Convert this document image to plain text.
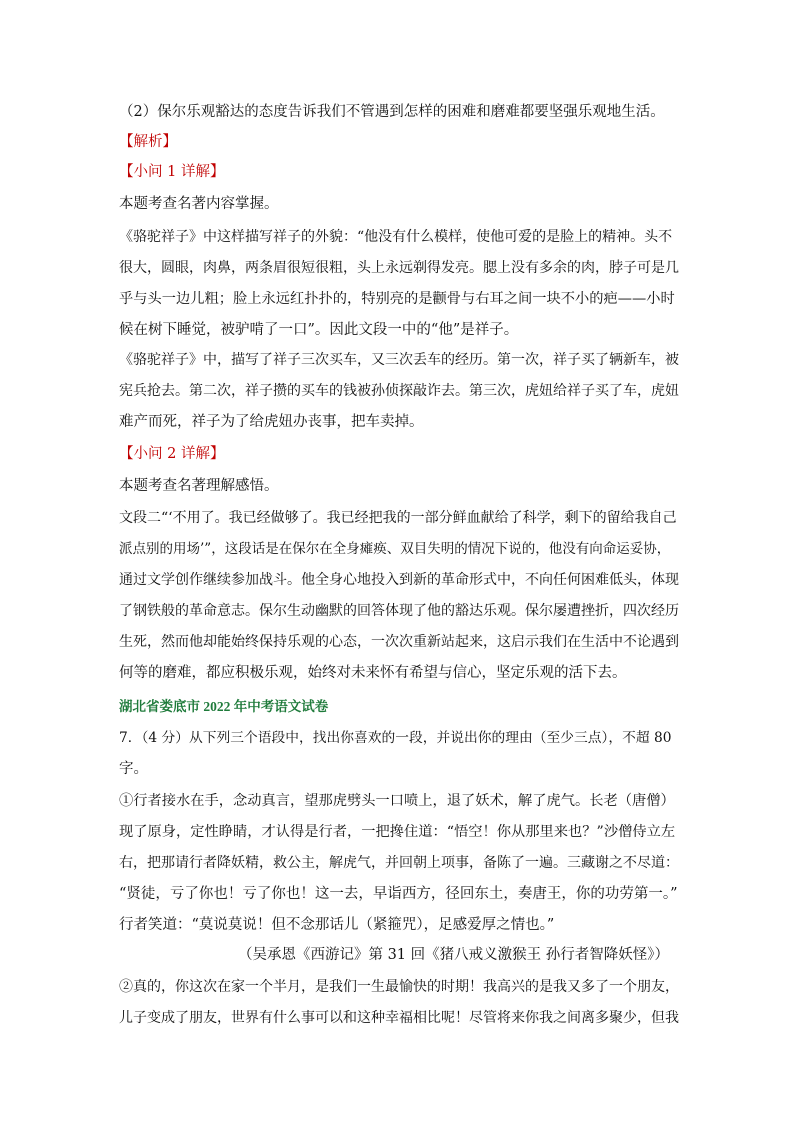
（2）保尔乐观豁达的态度告诉我们不管遇到怎样的困难和磨难都要坚强乐观地生活。
【解析】
【小问 1 详解】
本题考查名著内容掌握。
《骆驼祥子》中这样描写祥子的外貌：“他没有什么模样，使他可爱的是脸上的精神。头不
很大，圆眼，肉鼻，两条眉很短很粗，头上永远剃得发亮。腮上没有多余的肉，脖子可是几
乎与头一边儿粗；脸上永远红扑扑的，特别亮的是颧骨与右耳之间一块不小的疤——小时
候在树下睡觉，被驴啃了一口”。因此文段一中的“他”是祥子。
《骆驼祥子》中，描写了祥子三次买车，又三次丢车的经历。第一次，祥子买了辆新车，被
宪兵抢去。第二次，祥子攒的买车的钱被孙侦探敲诈去。第三次，虎妞给祥子买了车，虎妞
难产而死，祥子为了给虎妞办丧事，把车卖掉。
【小问 2 详解】
本题考查名著理解感悟。
文段二“‘不用了。我已经做够了。我已经把我的一部分鲜血献给了科学，剩下的留给我自己
派点别的用场’”，这段话是在保尔在全身瘫痪、双目失明的情况下说的，他没有向命运妥协，
通过文学创作继续参加战斗。他全身心地投入到新的革命形式中，不向任何困难低头，体现
了钢铁般的革命意志。保尔生动幽默的回答体现了他的豁达乐观。保尔屡遭挫折，四次经历
生死，然而他却能始终保持乐观的心态，一次次重新站起来，这启示我们在生活中不论遇到
何等的磨难，都应积极乐观，始终对未来怀有希望与信心，坚定乐观的活下去。
湖北省娄底市 2022 年中考语文试卷
7．（4 分）从下列三个语段中，找出你喜欢的一段，并说出你的理由（至少三点），不超 80
字。
①行者接水在手，念动真言，望那虎劈头一口喷上，退了妖术，解了虎气。长老（唐僧）
现了原身，定性睁睛，才认得是行者，一把搀住道：“悟空！你从那里来也？”沙僧侍立左
右，把那请行者降妖精，救公主，解虎气，并回朝上项事，备陈了一遍。三藏谢之不尽道：
“贤徒，亏了你也！亏了你也！这一去，早诣西方，径回东土，奏唐王，你的功劳第一。”
行者笑道：“莫说莫说！但不念那话儿（紧箍咒），足感爱厚之情也。”
（吴承恩《西游记》第 31 回《猪八戒义激猴王 孙行者智降妖怪》）
②真的，你这次在家一个半月，是我们一生最愉快的时期！我高兴的是我又多了一个朋友，
儿子变成了朋友，世界有什么事可以和这种幸福相比呢！尽管将来你我之间离多聚少，但我
